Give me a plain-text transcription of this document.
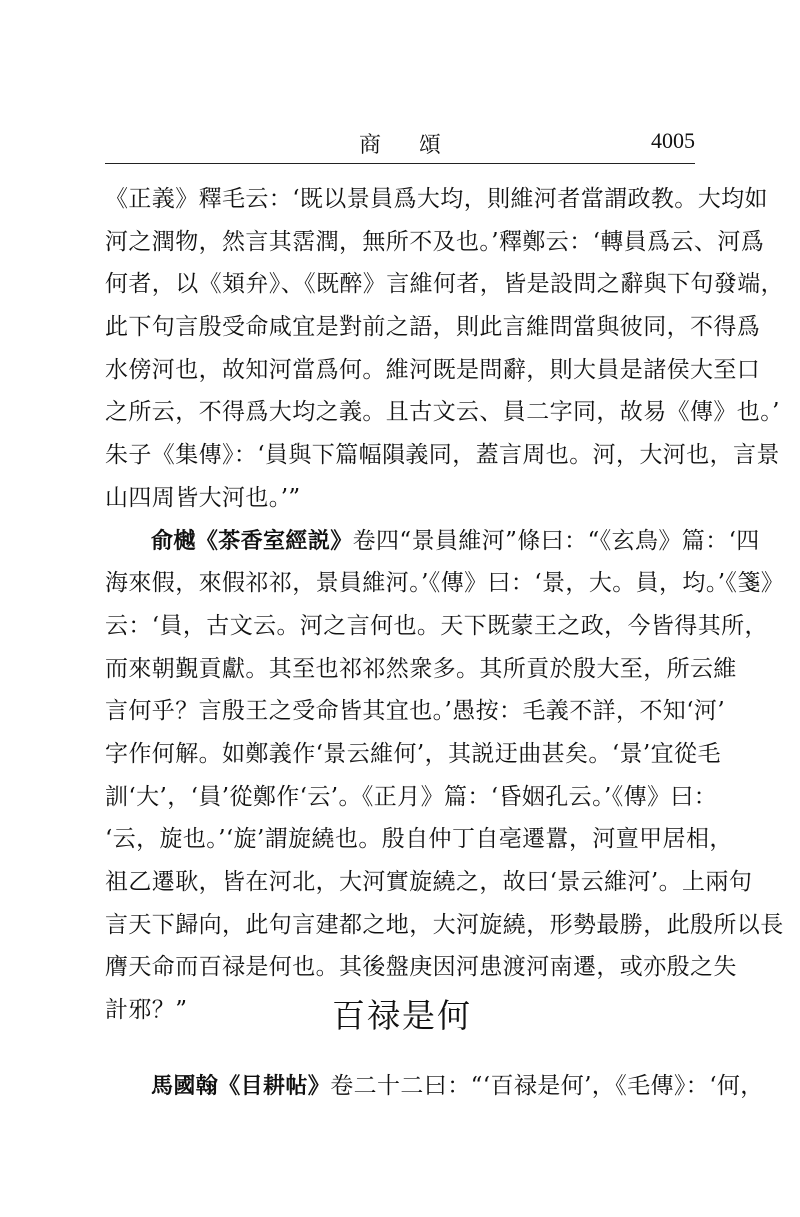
商頌	4005
《正義》釋毛云：‘既以景員爲大均，則維河者當謂政教。大均如
河之潤物，然言其霑潤，無所不及也。’釋鄭云：‘轉員爲云、河爲
何者，以《頍弁》、《既醉》言維何者，皆是設問之辭與下句發端，
此下句言殷受命咸宜是對前之語，則此言維問當與彼同，不得爲
水傍河也，故知河當爲何。維河既是問辭，則大員是諸侯大至口
之所云，不得爲大均之義。且古文云、員二字同，故易《傳》也。’
朱子《集傳》：‘員與下篇幅隕義同，蓋言周也。河，大河也，言景
山四周皆大河也。’”
俞樾《茶香室經説》卷四“景員維河”條曰：“《玄鳥》篇：‘四
海來假，來假祁祁，景員維河。’《傳》曰：‘景，大。員，均。’《箋》
云：‘員，古文云。河之言何也。天下既蒙王之政，今皆得其所，
而來朝覲貢獻。其至也祁祁然衆多。其所貢於殷大至，所云維
言何乎？言殷王之受命皆其宜也。’愚按：毛義不詳，不知‘河’
字作何解。如鄭義作‘景云維何’，其説迂曲甚矣。‘景’宜從毛
訓‘大’，‘員’從鄭作‘云’。《正月》篇：‘昏姻孔云。’《傳》曰：
‘云，旋也。’‘旋’謂旋繞也。殷自仲丁自亳遷囂，河亶甲居相，
祖乙遷耿，皆在河北，大河實旋繞之，故曰‘景云維河’。上兩句
言天下歸向，此句言建都之地，大河旋繞，形勢最勝，此殷所以長
膺天命而百禄是何也。其後盤庚因河患渡河南遷，或亦殷之失
計邪？”	百禄是何
馬國翰《目耕帖》卷二十二曰：“‘百禄是何’，《毛傳》：‘何，
